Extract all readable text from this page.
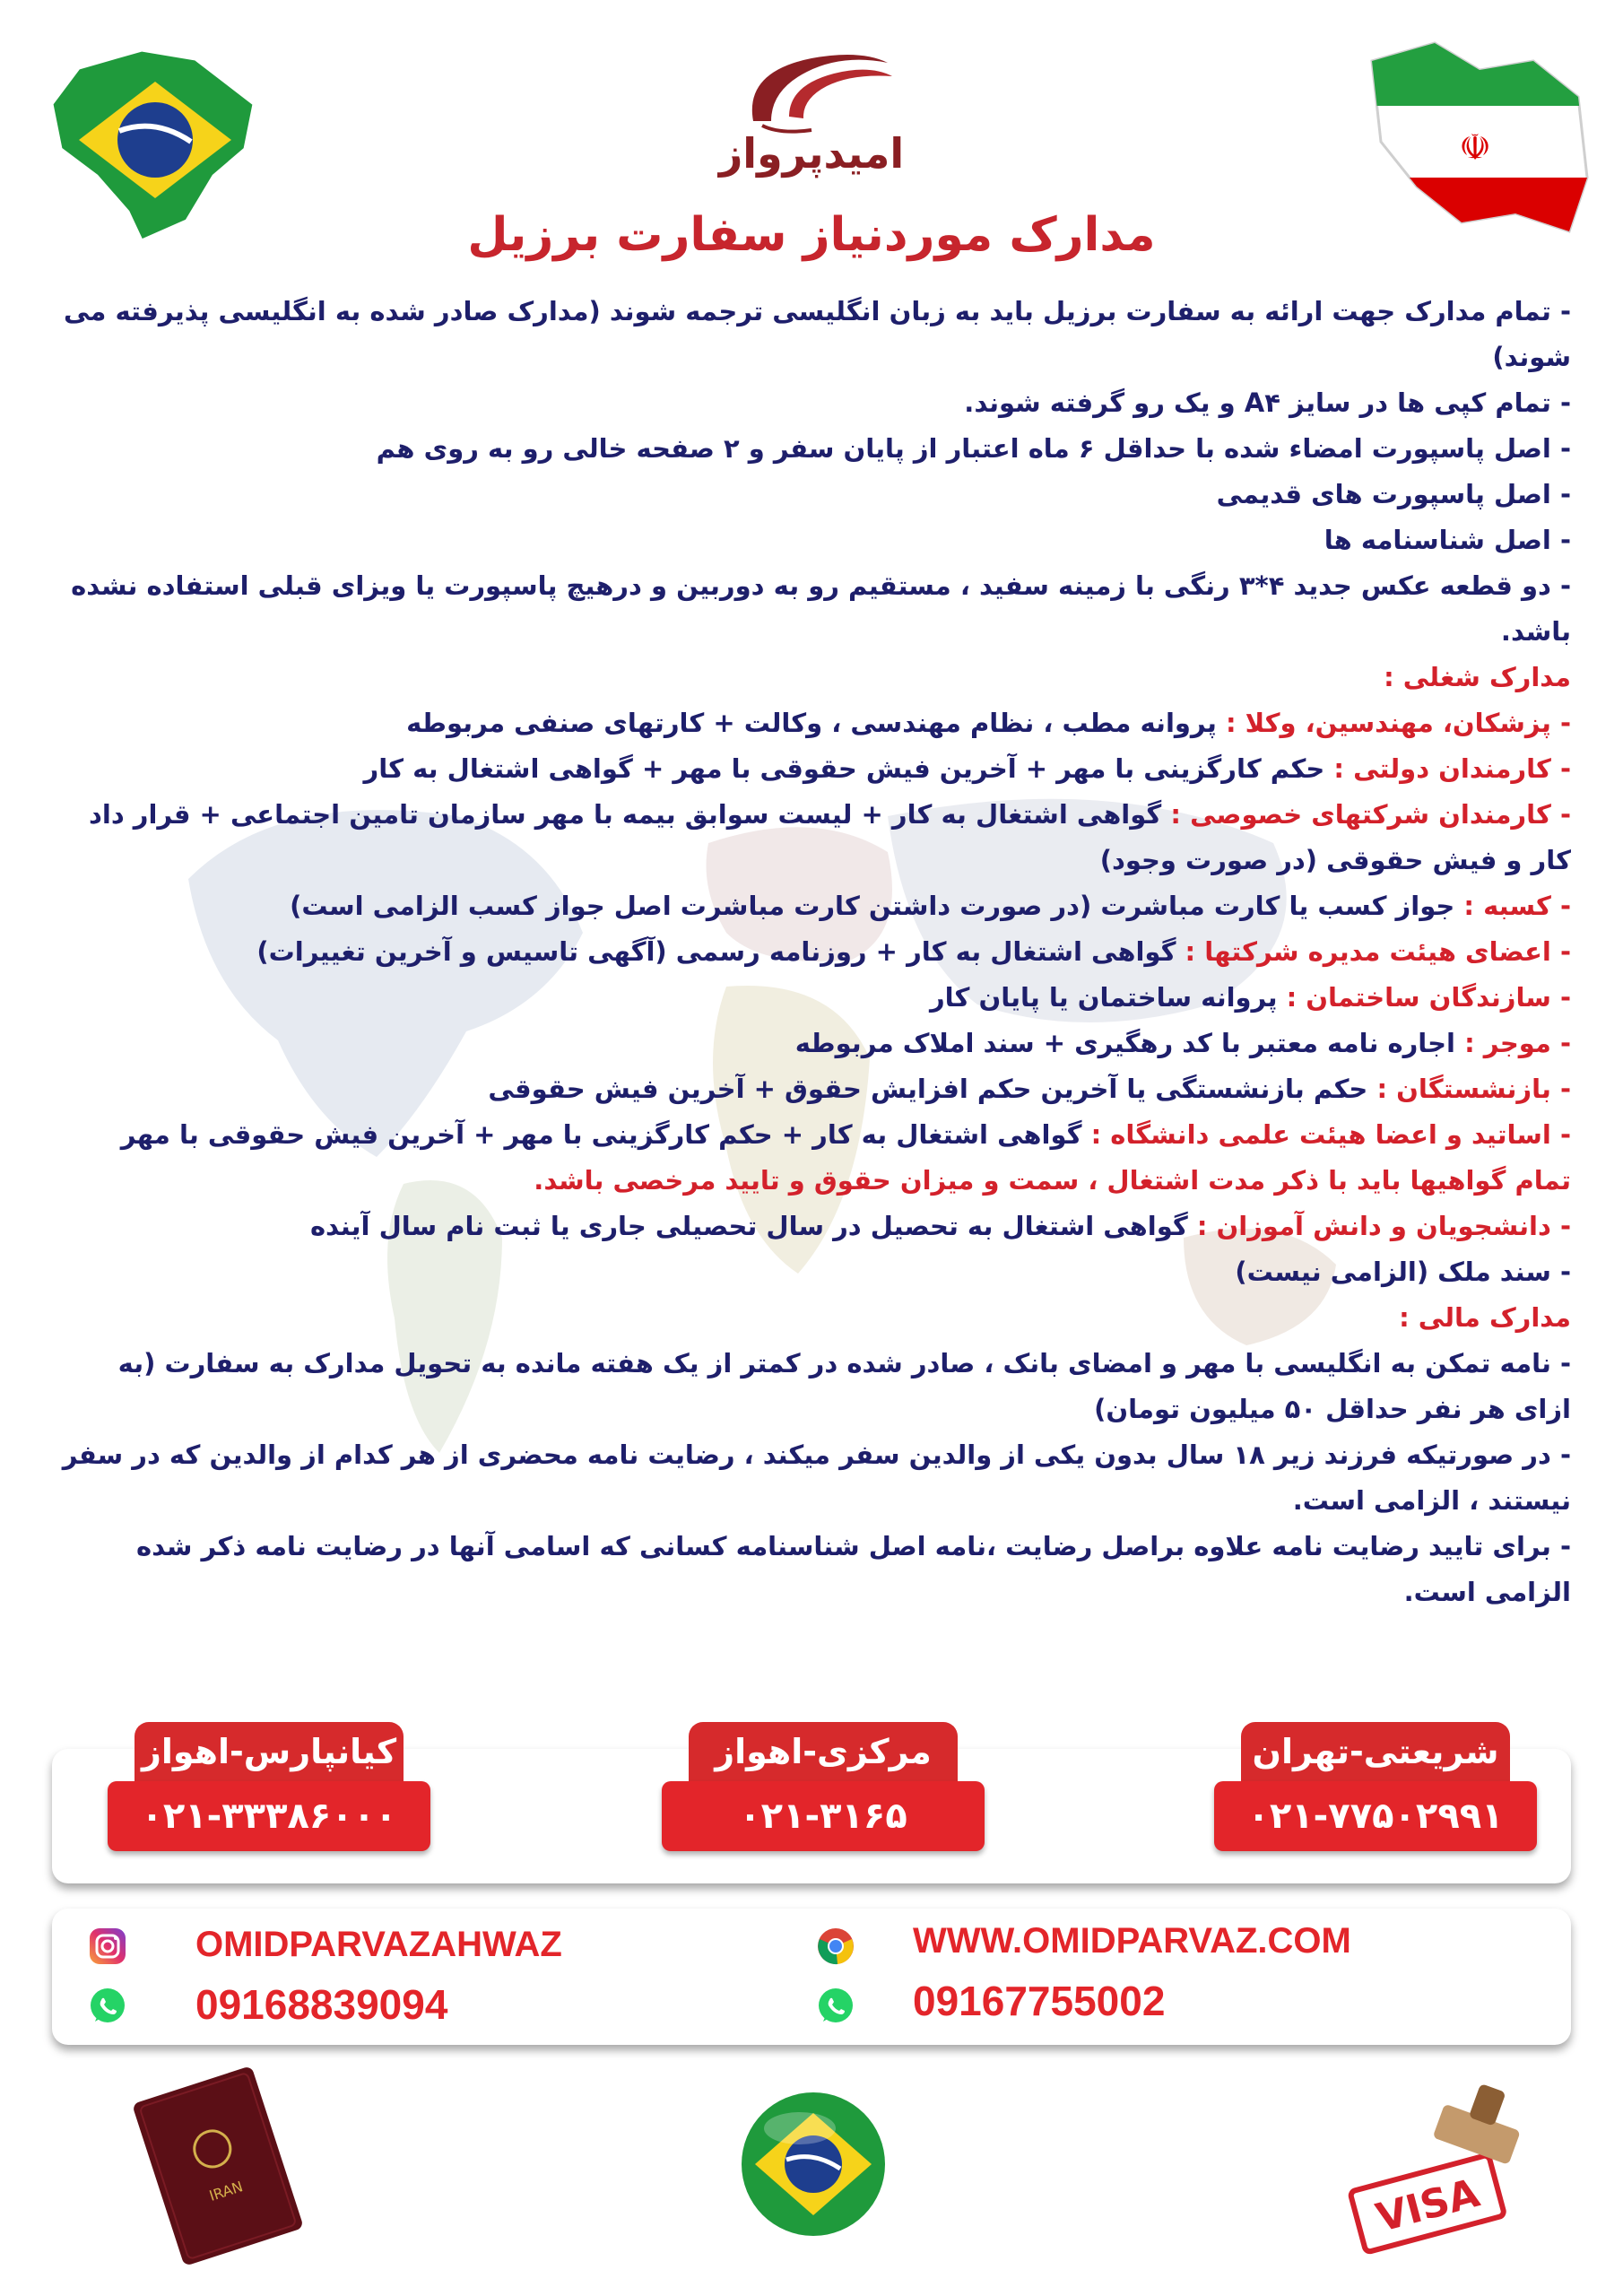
امیدپرواز	☫
مدارک موردنیاز سفارت برزیل
- تمام مدارک جهت ارائه به سفارت برزیل باید به زبان انگلیسی ترجمه شوند (مدارک صادر شده به انگلیسی پذیرفته می شوند)
- تمام کپی ها در سایز A۴ و یک رو گرفته شوند.
- اصل پاسپورت امضاء شده با حداقل ۶ ماه اعتبار از پایان سفر و ۲ صفحه خالی رو به روی هم
- اصل پاسپورت های قدیمی
- اصل شناسنامه ها
- دو قطعه عکس جدید ۴*۳ رنگی با زمینه سفید ، مستقیم رو به دوربین و درهیچ پاسپورت یا ویزای قبلی استفاده نشده باشد.
مدارک شغلی :
- پزشکان، مهندسین، وکلا : پروانه مطب ، نظام مهندسی ، وکالت + کارتهای صنفی مربوطه
- کارمندان دولتی : حکم کارگزینی با مهر + آخرین فیش حقوقی با مهر + گواهی اشتغال به کار
- کارمندان شرکتهای خصوصی : گواهی اشتغال به کار + لیست سوابق بیمه با مهر سازمان تامین اجتماعی + قرار داد کار و فیش حقوقی (در صورت وجود)
- کسبه : جواز کسب یا کارت مباشرت (در صورت داشتن کارت مباشرت اصل جواز کسب الزامی است)
- اعضای هیئت مدیره شرکتها : گواهی اشتغال به کار + روزنامه رسمی (آگهی تاسیس و آخرین تغییرات)
- سازندگان ساختمان : پروانه ساختمان یا پایان کار
- موجر : اجاره نامه معتبر با کد رهگیری + سند املاک مربوطه
- بازنشستگان : حکم بازنشستگی یا آخرین حکم افزایش حقوق + آخرین فیش حقوقی
- اساتید و اعضا هیئت علمی دانشگاه : گواهی اشتغال به کار + حکم کارگزینی با مهر + آخرین فیش حقوقی با مهر
تمام گواهیها باید با ذکر مدت اشتغال ، سمت و میزان حقوق و تایید مرخصی باشد.
- دانشجویان و دانش آموزان : گواهی اشتغال به تحصیل در سال تحصیلی جاری یا ثبت نام سال آینده
- سند ملک (الزامی نیست)
مدارک مالی :
- نامه تمکن به انگلیسی با مهر و امضای بانک ، صادر شده در کمتر از یک هفته مانده به تحویل مدارک به سفارت (به ازای هر نفر حداقل ۵۰ میلیون تومان)
- در صورتیکه فرزند زیر ۱۸ سال بدون یکی از والدین سفر میکند ، رضایت نامه محضری از هر کدام از والدین که در سفر نیستند ، الزامی است.
- برای تایید رضایت نامه علاوه براصل رضایت ،نامه اصل شناسنامه کسانی که اسامی آنها در رضایت نامه ذکر شده الزامی است.
کیانپارس-اهواز
۰۲۱-۳۳۳۸۶۰۰۰
مرکزی-اهواز
۰۲۱-۳۱۶۵
شریعتی-تهران
۰۲۱-۷۷۵۰۲۹۹۱
OMIDPARVAZAHWAZ
09168839094
WWW.OMIDPARVAZ.COM
09167755002
IRAN	VISA
